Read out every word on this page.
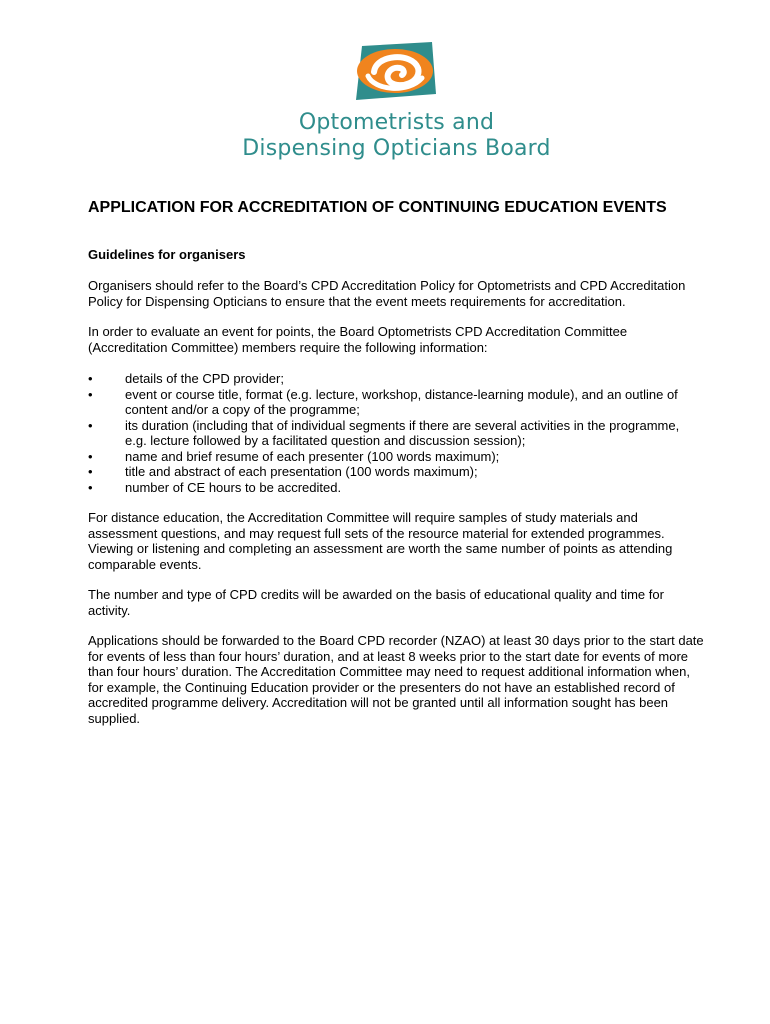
Optometrists and
Dispensing Opticians Board
APPLICATION FOR ACCREDITATION OF CONTINUING EDUCATION EVENTS
Guidelines for organisers

Organisers should refer to the Board’s CPD Accreditation Policy for Optometrists and CPD Accreditation Policy for Dispensing Opticians to ensure that the event meets requirements for accreditation.

In order to evaluate an event for points, the Board Optometrists CPD Accreditation Committee (Accreditation Committee) members require the following information:

• details of the CPD provider;
• event or course title, format (e.g. lecture, workshop, distance-learning module), and an outline of content and/or a copy of the programme;
• its duration (including that of individual segments if there are several activities in the programme, e.g. lecture followed by a facilitated question and discussion session);
• name and brief resume of each presenter (100 words maximum);
• title and abstract of each presentation (100 words maximum);
• number of CE hours to be accredited.

For distance education, the Accreditation Committee will require samples of study materials and assessment questions, and may request full sets of the resource material for extended programmes. Viewing or listening and completing an assessment are worth the same number of points as attending comparable events.

The number and type of CPD credits will be awarded on the basis of educational quality and time for activity.

Applications should be forwarded to the Board CPD recorder (NZAO) at least 30 days prior to the start date for events of less than four hours’ duration, and at least 8 weeks prior to the start date for events of more than four hours’ duration. The Accreditation Committee may need to request additional information when, for example, the Continuing Education provider or the presenters do not have an established record of accredited programme delivery. Accreditation will not be granted until all information sought has been supplied.
